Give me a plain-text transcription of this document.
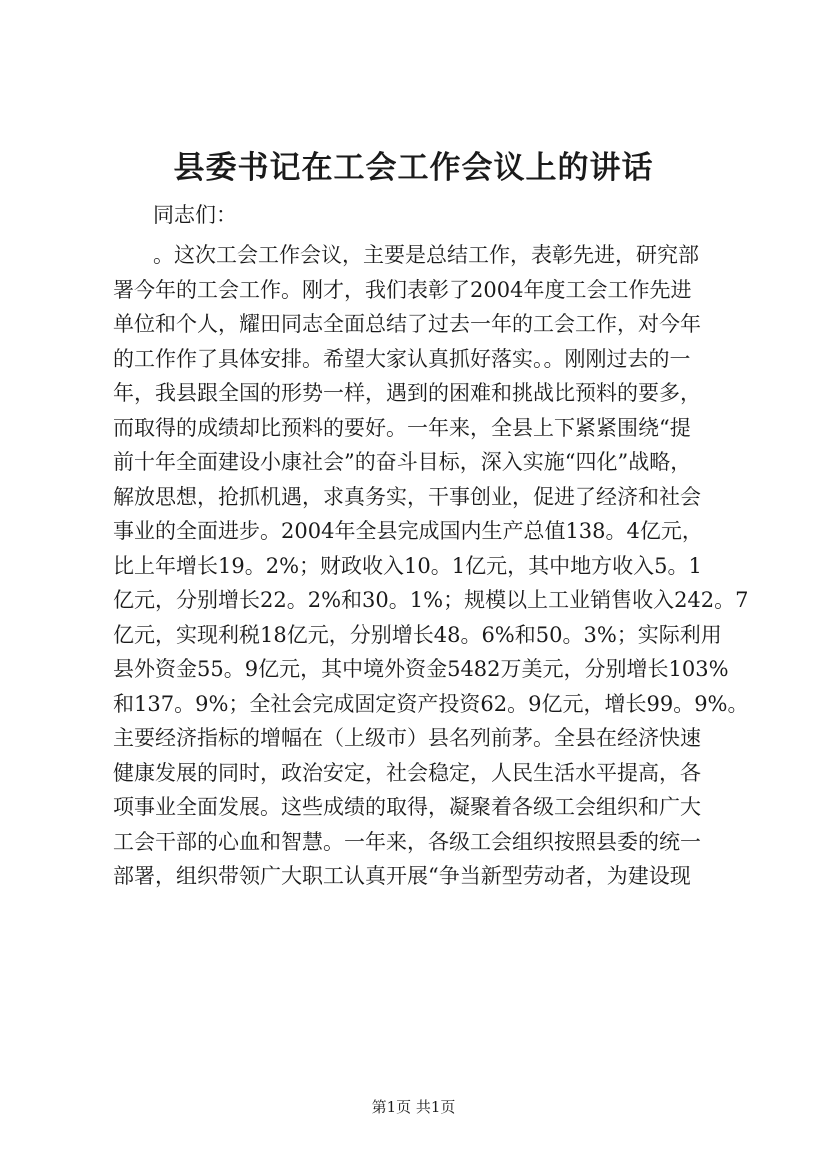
县委书记在工会工作会议上的讲话
同志们：
。这次工会工作会议，主要是总结工作，表彰先进，研究部
署今年的工会工作。刚才，我们表彰了2004年度工会工作先进
单位和个人，耀田同志全面总结了过去一年的工会工作，对今年
的工作作了具体安排。希望大家认真抓好落实。。刚刚过去的一
年，我县跟全国的形势一样，遇到的困难和挑战比预料的要多，
而取得的成绩却比预料的要好。一年来，全县上下紧紧围绕“提
前十年全面建设小康社会”的奋斗目标，深入实施“四化”战略，
解放思想，抢抓机遇，求真务实，干事创业，促进了经济和社会
事业的全面进步。2004年全县完成国内生产总值138。4亿元，
比上年增长19。2%；财政收入10。1亿元，其中地方收入5。1
亿元，分别增长22。2%和30。1%；规模以上工业销售收入242。7
亿元，实现利税18亿元，分别增长48。6%和50。3%；实际利用
县外资金55。9亿元，其中境外资金5482万美元，分别增长103%
和137。9%；全社会完成固定资产投资62。9亿元，增长99。9%。
主要经济指标的增幅在（上级市）县名列前茅。全县在经济快速
健康发展的同时，政治安定，社会稳定，人民生活水平提高，各
项事业全面发展。这些成绩的取得，凝聚着各级工会组织和广大
工会干部的心血和智慧。一年来，各级工会组织按照县委的统一
部署，组织带领广大职工认真开展“争当新型劳动者，为建设现
第1页 共1页
